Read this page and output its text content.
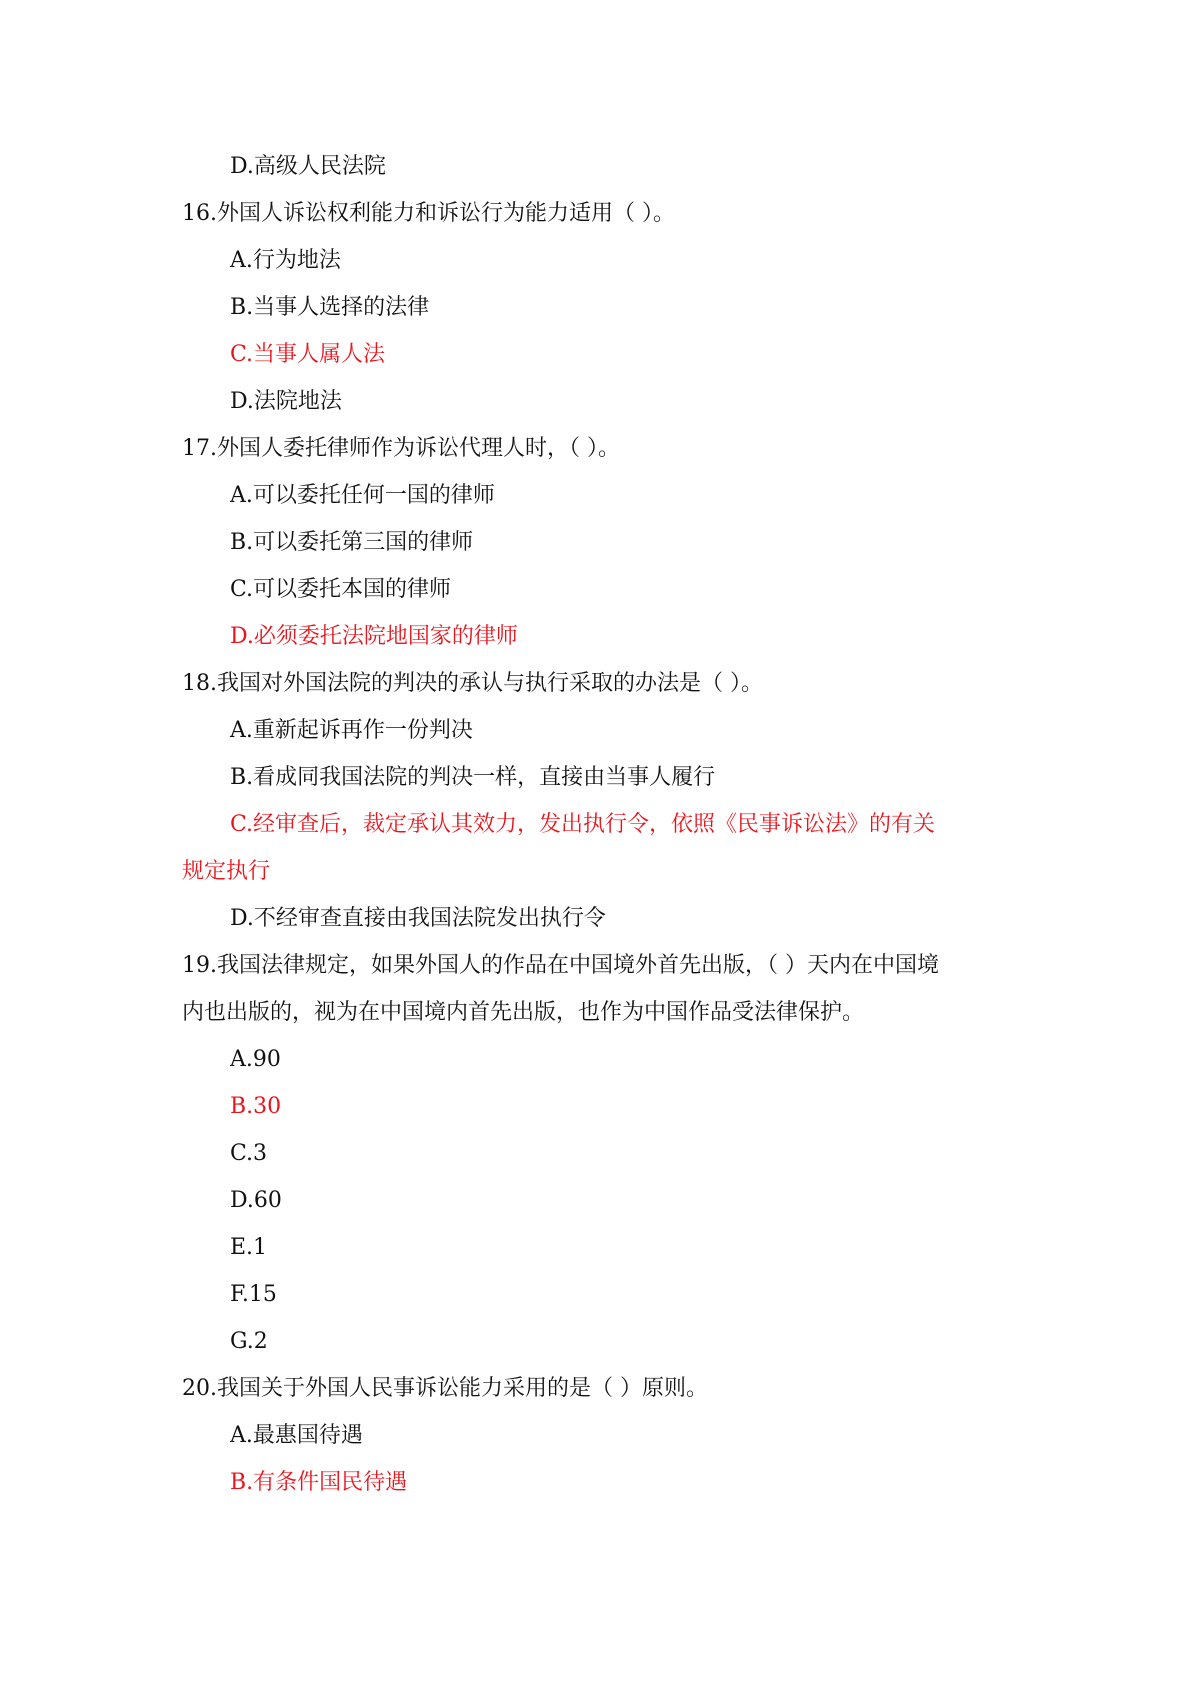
D.高级人民法院

16.外国人诉讼权利能力和诉讼行为能力适用（ ）。

A.行为地法

B.当事人选择的法律

C.当事人属人法

D.法院地法

17.外国人委托律师作为诉讼代理人时，（ ）。

A.可以委托任何一国的律师

B.可以委托第三国的律师

C.可以委托本国的律师

D.必须委托法院地国家的律师

18.我国对外国法院的判决的承认与执行采取的办法是（ ）。

A.重新起诉再作一份判决

B.看成同我国法院的判决一样，直接由当事人履行

C.经审查后，裁定承认其效力，发出执行令，依照《民事诉讼法》的有关

规定执行

D.不经审查直接由我国法院发出执行令

19.我国法律规定，如果外国人的作品在中国境外首先出版，（ ）天内在中国境

内也出版的，视为在中国境内首先出版，也作为中国作品受法律保护。

A.90

B.30

C.3

D.60

E.1

F.15

G.2

20.我国关于外国人民事诉讼能力采用的是（ ）原则。

A.最惠国待遇

B.有条件国民待遇
